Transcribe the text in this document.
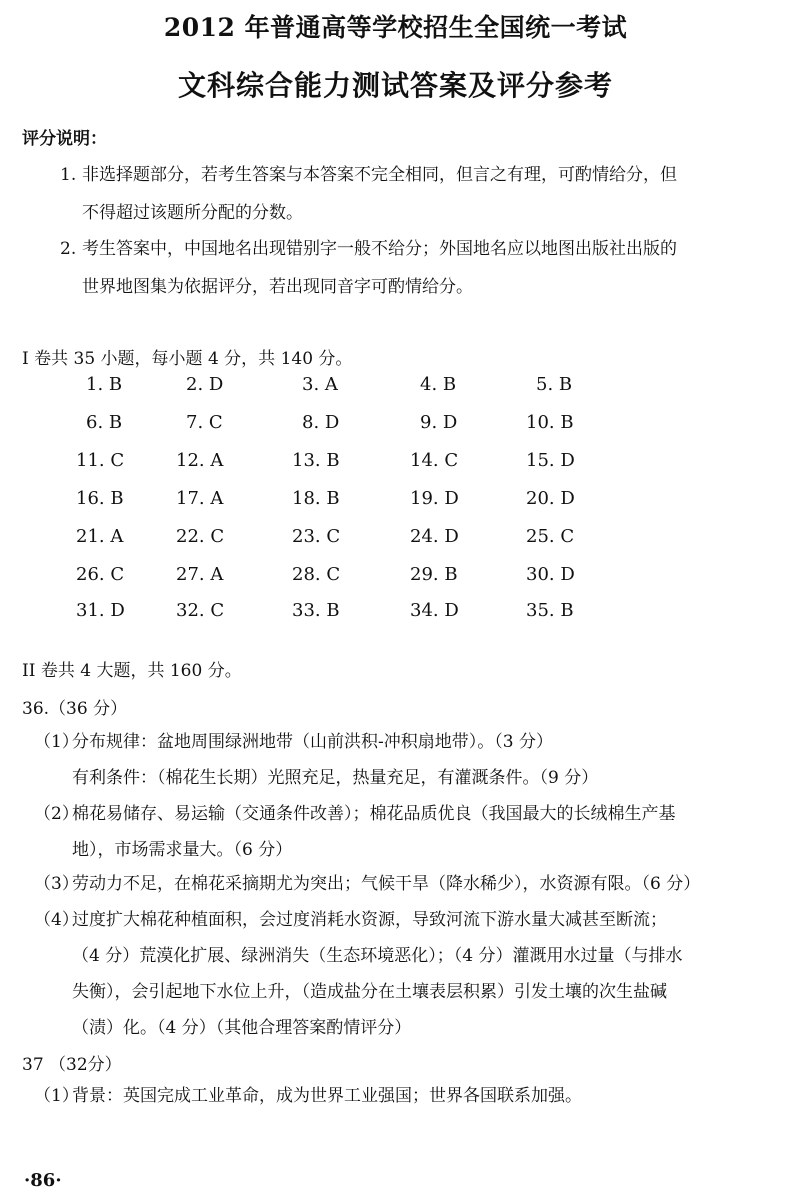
2012 年普通高等学校招生全国统一考试
文科综合能力测试答案及评分参考
评分说明：
1. 非选择题部分，若考生答案与本答案不完全相同，但言之有理，可酌情给分，但
不得超过该题所分配的分数。
2. 考生答案中，中国地名出现错别字一般不给分；外国地名应以地图出版社出版的
世界地图集为依据评分，若出现同音字可酌情给分。
I 卷共 35 小题，每小题 4 分，共 140 分。
1. B	2. D	3. A	4. B	5. B
6. B	7. C	8. D	9. D	10. B
11. C	12. A	13. B	14. C	15. D
16. B	17. A	18. B	19. D	20. D
21. A	22. C	23. C	24. D	25. C
26. C	27. A	28. C	29. B	30. D
31. D	32. C	33. B	34. D	35. B
II 卷共 4 大题，共 160 分。
36.（36 分）
（1）分布规律：盆地周围绿洲地带（山前洪积-冲积扇地带）。（3 分）
有利条件：（棉花生长期）光照充足，热量充足，有灌溉条件。（9 分）
（2）棉花易储存、易运输（交通条件改善）；棉花品质优良（我国最大的长绒棉生产基
地），市场需求量大。（6 分）
（3）劳动力不足，在棉花采摘期尤为突出；气候干旱（降水稀少），水资源有限。（6 分）
（4）过度扩大棉花种植面积，会过度消耗水资源，导致河流下游水量大减甚至断流；
（4 分）荒漠化扩展、绿洲消失（生态环境恶化）；（4 分）灌溉用水过量（与排水
失衡），会引起地下水位上升，（造成盐分在土壤表层积累）引发土壤的次生盐碱
（渍）化。（4 分）（其他合理答案酌情评分）
37 （32分）
（1）背景：英国完成工业革命，成为世界工业强国；世界各国联系加强。
·86·
